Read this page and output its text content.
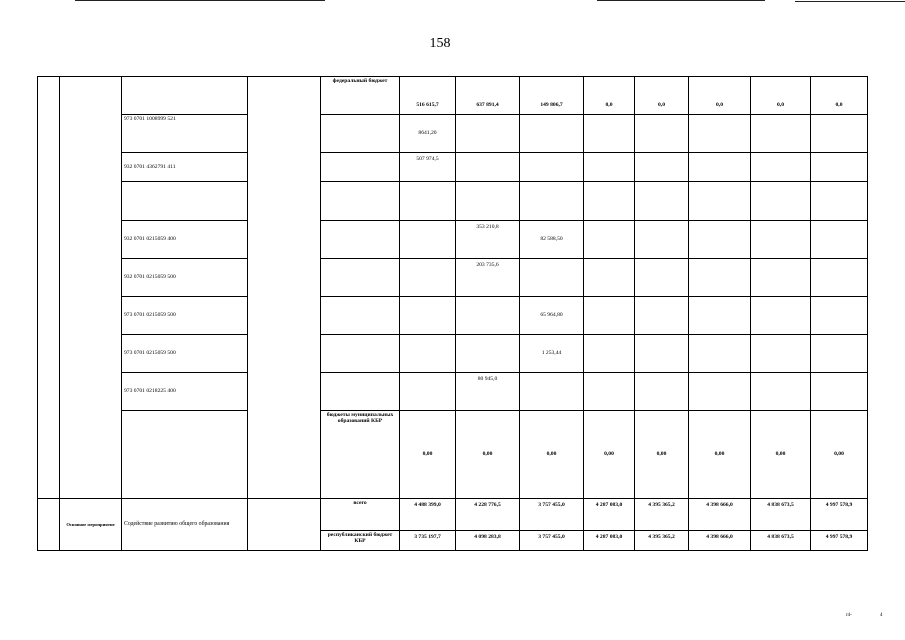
158
				федеральный бюджет	516 615,7	637 891,4	149 806,7	0,0	0,0	0,0	0,0	0,0
		973 0701 1008999 521			8641,20							
		932 0701 4362791 411			507 974,5							

		932 0701 0215059 400				353 210,8	82 588,50					
		932 0701 0215059 500				203 735,6						
		973 0701 0215059 500					65 964,80					
		973 0701 0215059 500					1 253,44					
		973 0701 0218225 400				80 945,0						
				бюджеты муниципальных образований КБР	0,00	0,00	0,00	0,00	0,00	0,00	0,00	0,00
	Основное мероприятие	Содействие развитию общего образования		всего	4 488 399,0	4 228 776,5	3 757 455,0	4 287 083,0	4 395 365,2	4 398 666,0	4 838 673,5	4 997 578,9
				республиканский бюджет КБР	3 735 197,7	4 098 283,8	3 757 455,0	4 287 083,0	4 395 365,2	4 398 666,0	4 838 673,5	4 997 578,9
r4-	4
